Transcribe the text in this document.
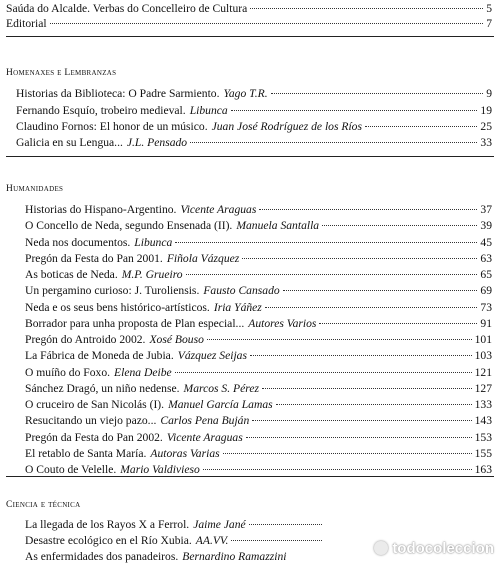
Saúda do Alcalde. Verbas do Concelleiro de Cultura	5
Editorial	7
Homenaxes e Lembranzas
Historias da Biblioteca: O Padre Sarmiento. Yago T.R.	9
Fernando Esquío, trobeiro medieval. Libunca	19
Claudino Fornos: El honor de un músico. Juan José Rodríguez de los Ríos	25
Galicia en su Lengua... J.L. Pensado	33
Humanidades
Historias do Hispano-Argentino. Vicente Araguas	37
O Concello de Neda, segundo Ensenada (II). Manuela Santalla	39
Neda nos documentos. Libunca	45
Pregón da Festa do Pan 2001. Fiñola Vázquez	63
As boticas de Neda. M.P. Grueiro	65
Un pergamino curioso: J. Turoliensis. Fausto Cansado	69
Neda e os seus bens histórico-artísticos. Iria Yáñez	73
Borrador para unha proposta de Plan especial... Autores Varios	91
Pregón do Antroido 2002. Xosé Bouso	101
La Fábrica de Moneda de Jubia. Vázquez Seijas	103
O muíño do Foxo. Elena Deibe	121
Sánchez Dragó, un niño nedense. Marcos S. Pérez	127
O cruceiro de San Nicolás (I). Manuel García Lamas	133
Resucitando un viejo pazo... Carlos Pena Buján	143
Pregón da Festa do Pan 2002. Vicente Araguas	153
El retablo de Santa María. Autoras Varias	155
O Couto de Velelle. Mario Valdivieso	163
Ciencia e técnica
La llegada de los Rayos X a Ferrol. Jaime Jané
Desastre ecológico en el Río Xubia. AA.VV.
As enfermidades dos panadeiros. Bernardino Ramazzini	todocoleccion
